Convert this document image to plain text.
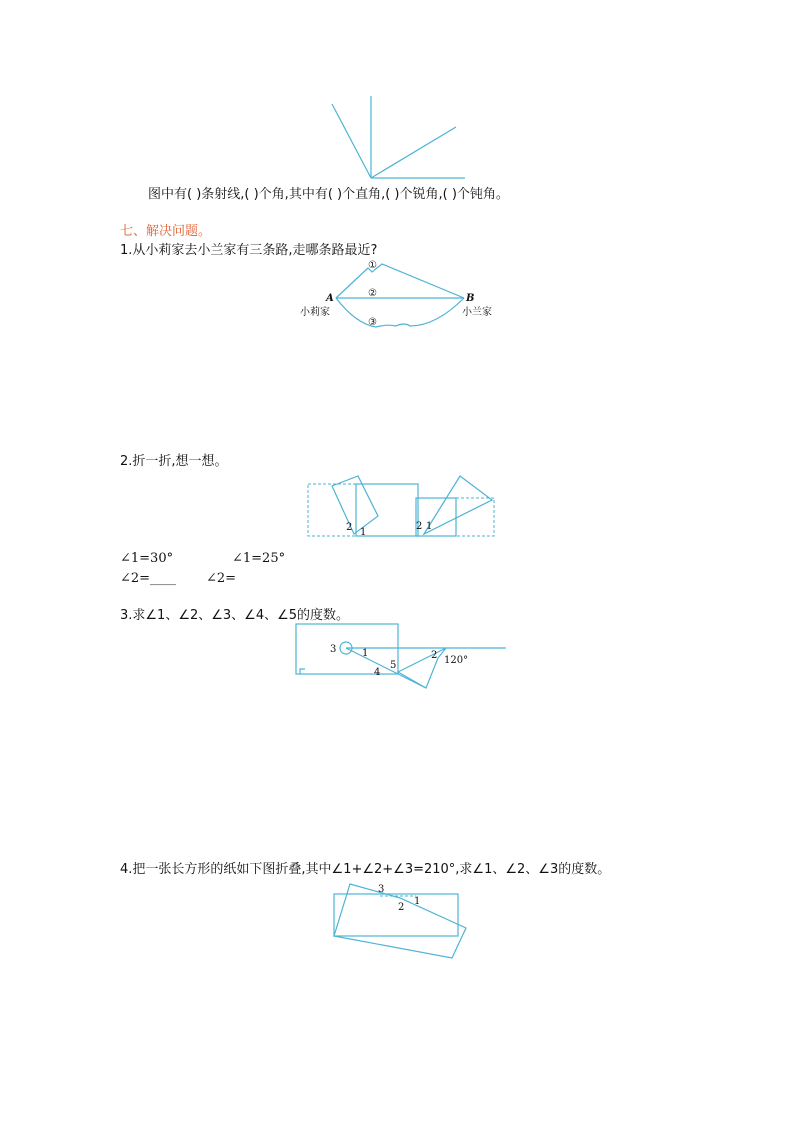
图中有( )条射线,( )个角,其中有( )个直角,( )个锐角,( )个钝角。
七、解决问题。
1.从小莉家去小兰家有三条路,走哪条路最近?
①
②
③
A	B
小莉家	小兰家
2.折一折,想一想。
2 1
2 1
∠1=30°	∠1=25°
∠2=____ ∠2=
3.求∠1、∠2、∠3、∠4、∠5的度数。
3	1
4
5
2 120°
4.把一张长方形的纸如下图折叠,其中∠1+∠2+∠3=210°,求∠1、∠2、∠3的度数。
3
2
1
